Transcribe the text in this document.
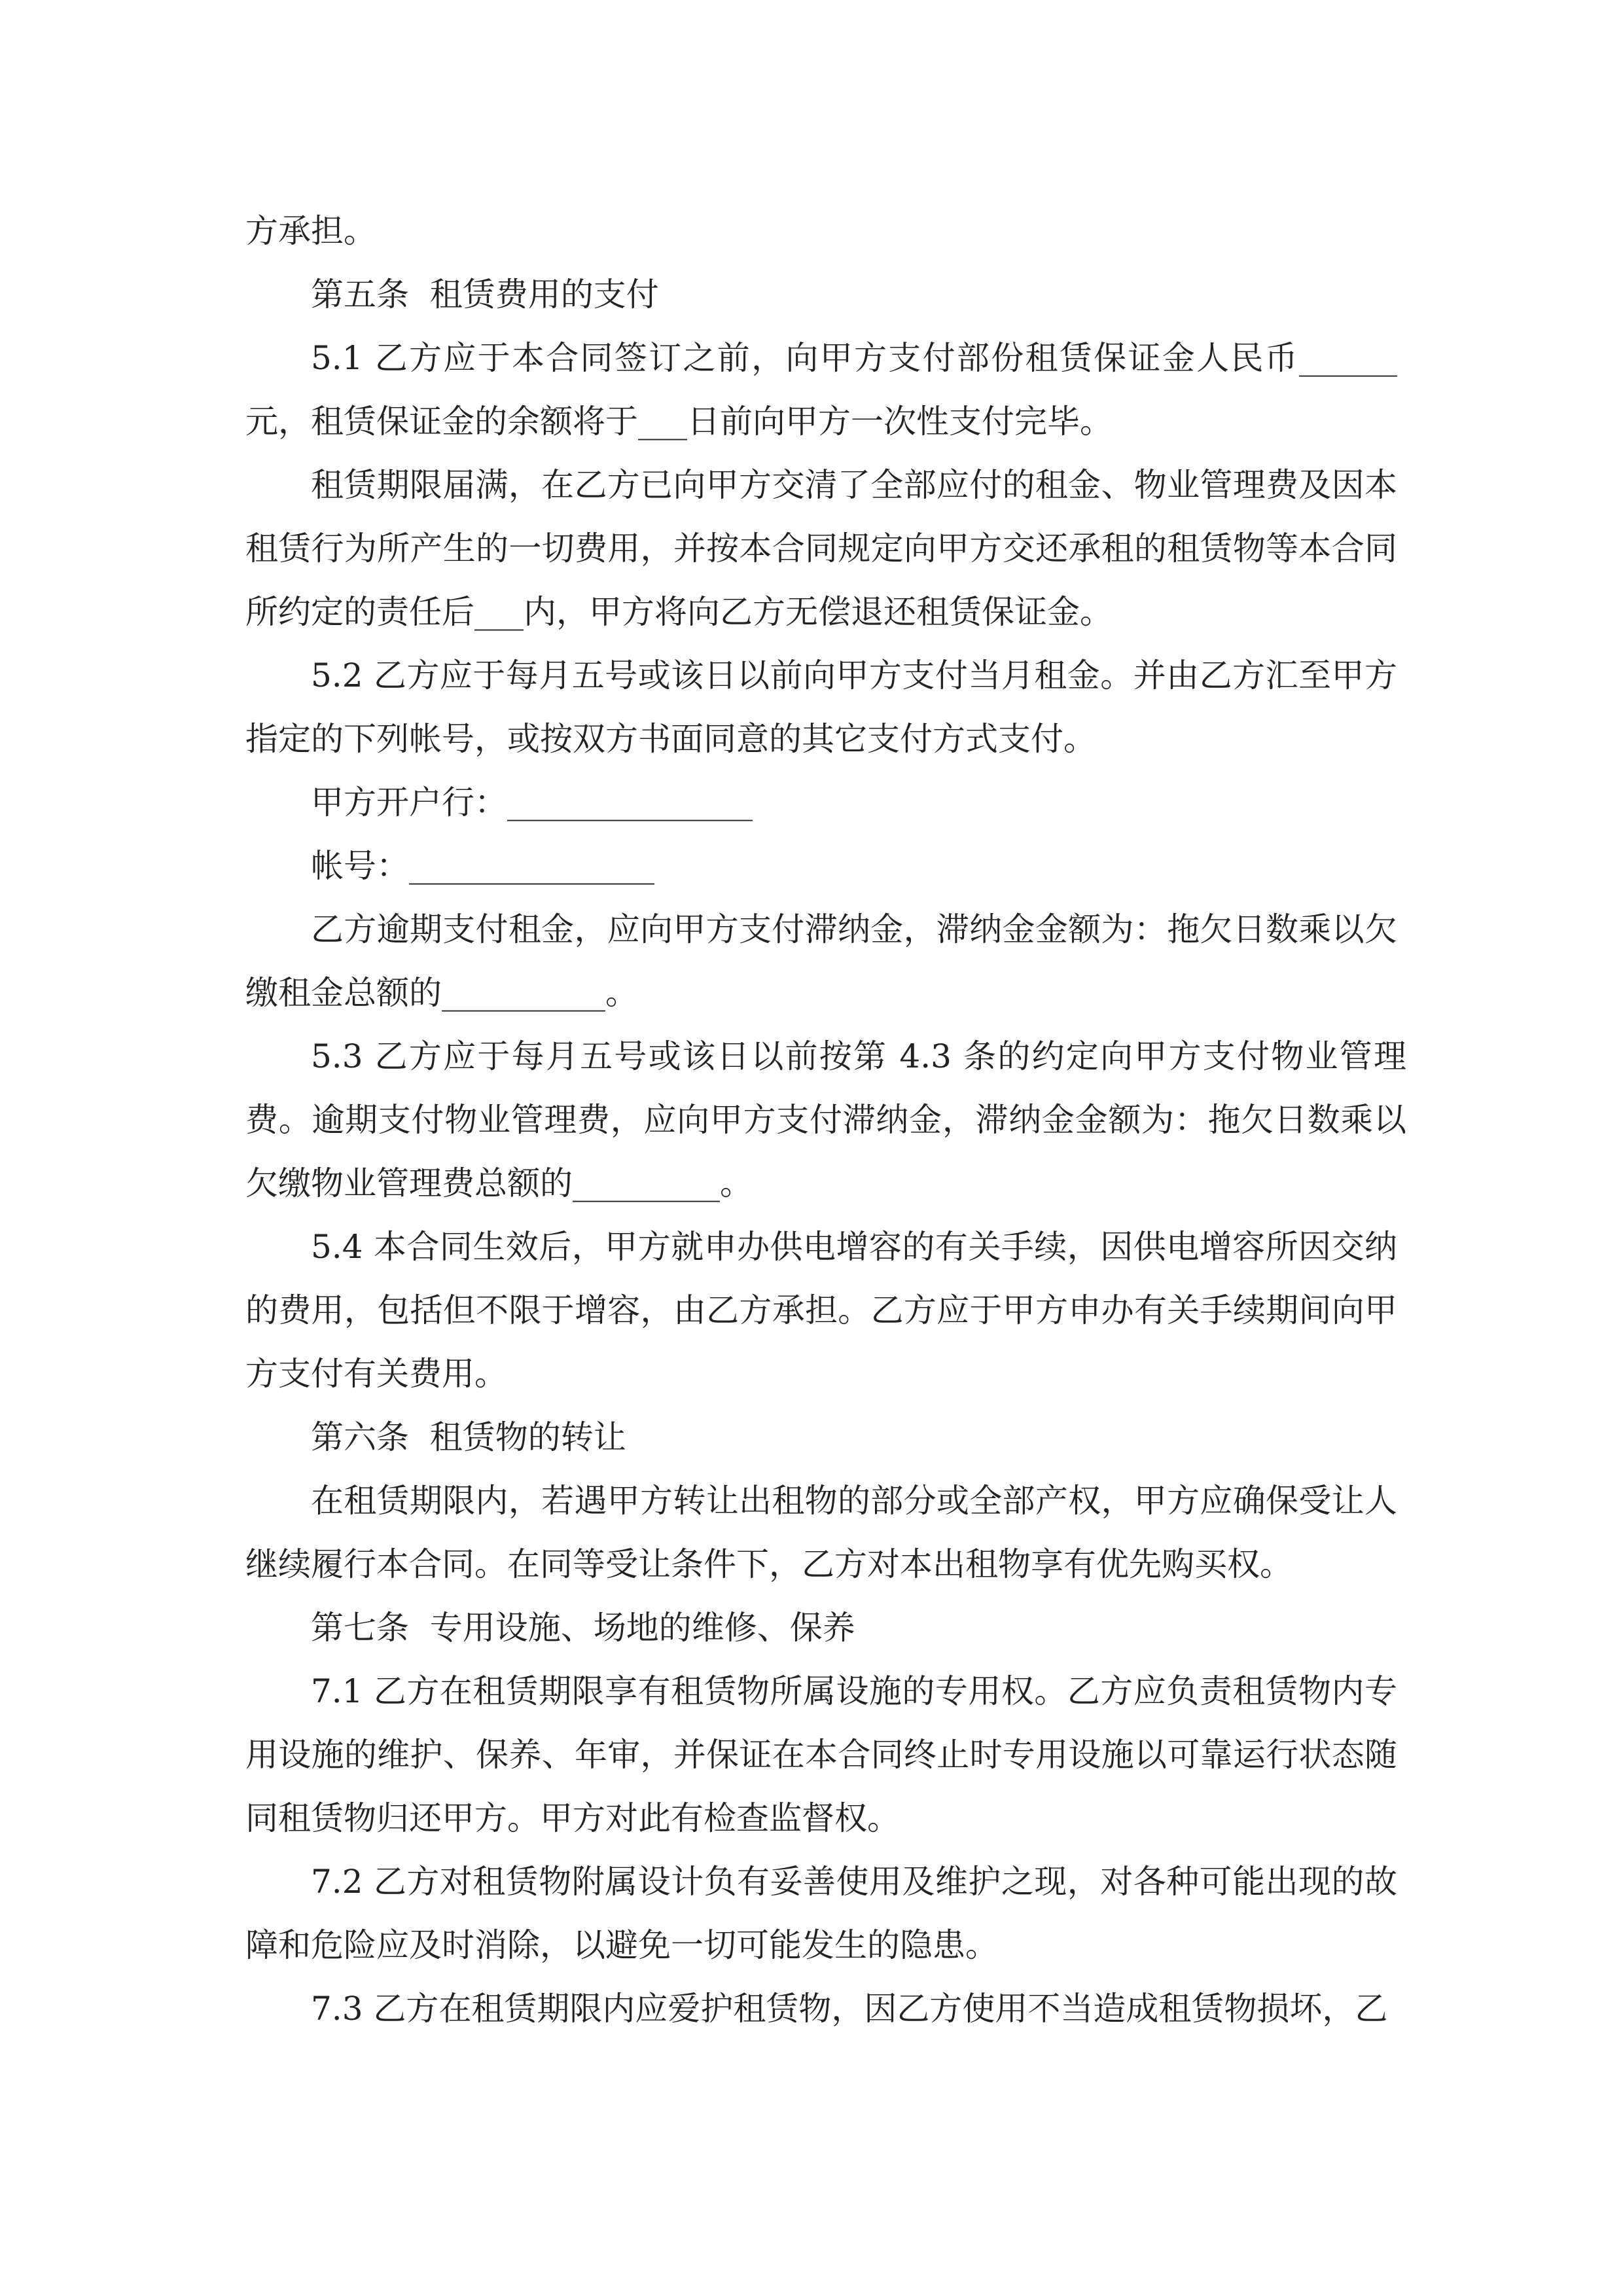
方承担。

第五条  租赁费用的支付

5.1 乙方应于本合同签订之前，向甲方支付部份租赁保证金人民币______元，租赁保证金的余额将于___日前向甲方一次性支付完毕。

租赁期限届满，在乙方已向甲方交清了全部应付的租金、物业管理费及因本租赁行为所产生的一切费用，并按本合同规定向甲方交还承租的租赁物等本合同所约定的责任后___内，甲方将向乙方无偿退还租赁保证金。

5.2 乙方应于每月五号或该日以前向甲方支付当月租金。并由乙方汇至甲方指定的下列帐号，或按双方书面同意的其它支付方式支付。

甲方开户行：_______________

帐号：_______________

乙方逾期支付租金，应向甲方支付滞纳金，滞纳金金额为：拖欠日数乘以欠缴租金总额的__________。

5.3 乙方应于每月五号或该日以前按第 4.3 条的约定向甲方支付物业管理费。逾期支付物业管理费，应向甲方支付滞纳金，滞纳金金额为：拖欠日数乘以欠缴物业管理费总额的_________。

5.4 本合同生效后，甲方就申办供电增容的有关手续，因供电增容所因交纳的费用，包括但不限于增容，由乙方承担。乙方应于甲方申办有关手续期间向甲方支付有关费用。

第六条  租赁物的转让

在租赁期限内，若遇甲方转让出租物的部分或全部产权，甲方应确保受让人继续履行本合同。在同等受让条件下，乙方对本出租物享有优先购买权。

第七条  专用设施、场地的维修、保养

7.1 乙方在租赁期限享有租赁物所属设施的专用权。乙方应负责租赁物内专用设施的维护、保养、年审，并保证在本合同终止时专用设施以可靠运行状态随同租赁物归还甲方。甲方对此有检查监督权。

7.2 乙方对租赁物附属设计负有妥善使用及维护之现，对各种可能出现的故障和危险应及时消除，以避免一切可能发生的隐患。

7.3 乙方在租赁期限内应爱护租赁物，因乙方使用不当造成租赁物损坏，乙
